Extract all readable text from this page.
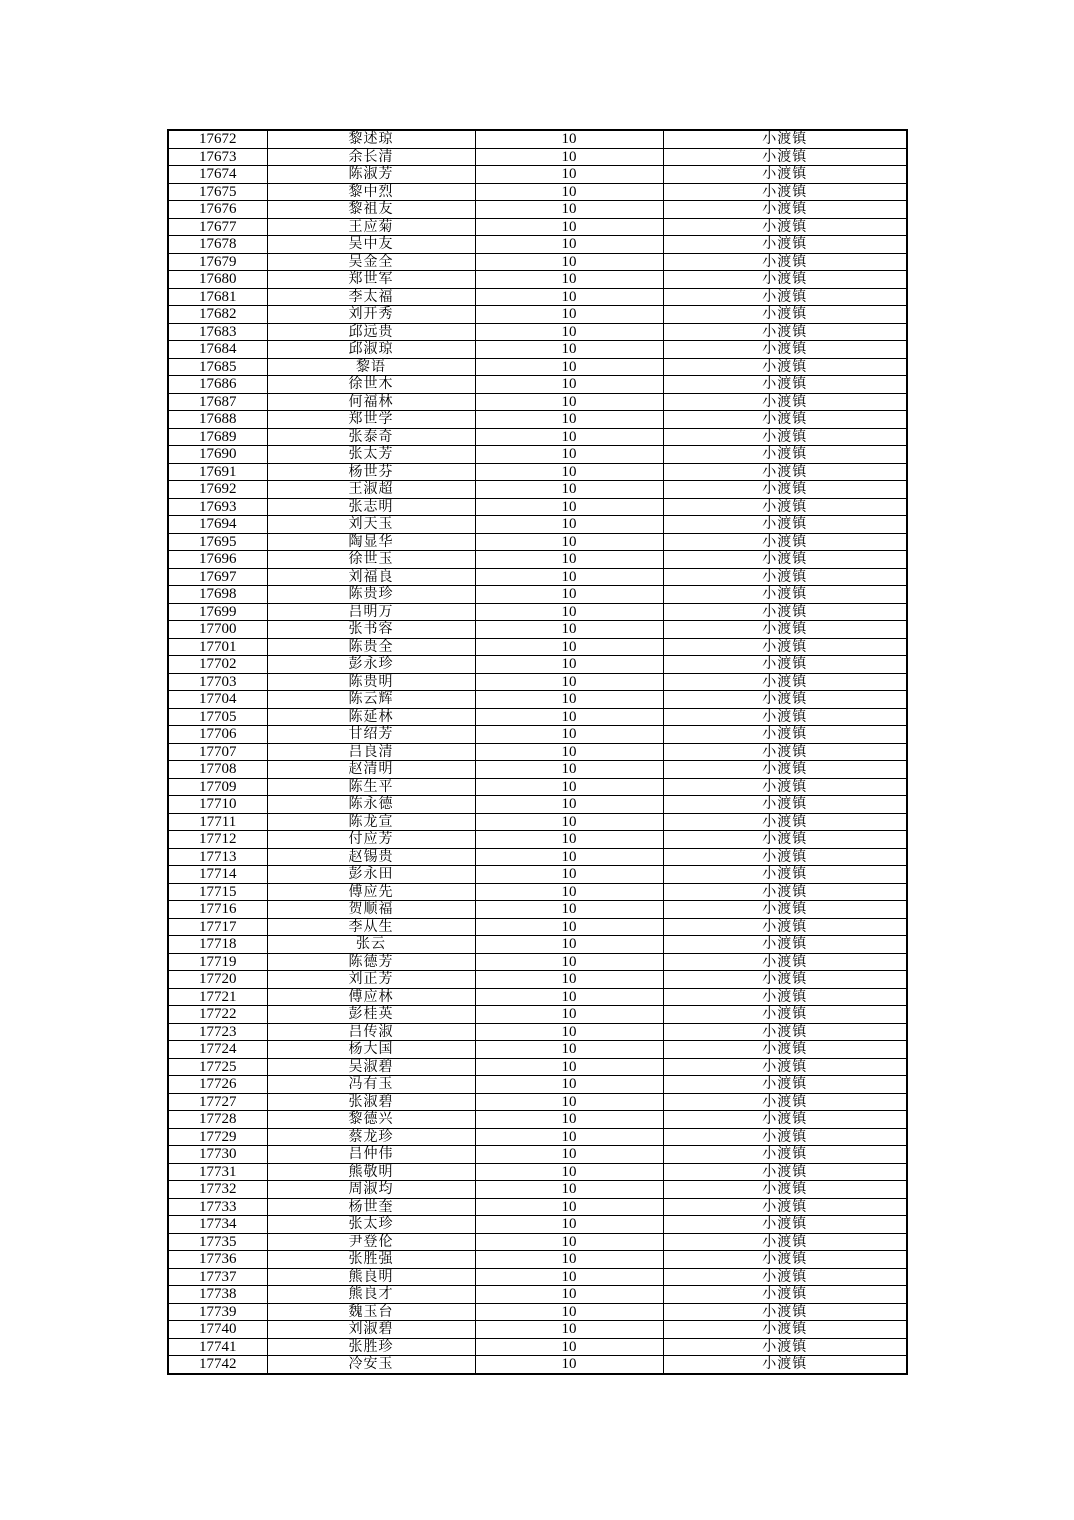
17672	黎述琼	10	小渡镇
17673	余长清	10	小渡镇
17674	陈淑芳	10	小渡镇
17675	黎中烈	10	小渡镇
17676	黎祖友	10	小渡镇
17677	王应菊	10	小渡镇
17678	吴中友	10	小渡镇
17679	吴金全	10	小渡镇
17680	郑世军	10	小渡镇
17681	李太福	10	小渡镇
17682	刘开秀	10	小渡镇
17683	邱远贵	10	小渡镇
17684	邱淑琼	10	小渡镇
17685	黎语	10	小渡镇
17686	徐世木	10	小渡镇
17687	何福林	10	小渡镇
17688	郑世学	10	小渡镇
17689	张泰奇	10	小渡镇
17690	张太芳	10	小渡镇
17691	杨世芬	10	小渡镇
17692	王淑超	10	小渡镇
17693	张志明	10	小渡镇
17694	刘天玉	10	小渡镇
17695	陶显华	10	小渡镇
17696	徐世玉	10	小渡镇
17697	刘福良	10	小渡镇
17698	陈贵珍	10	小渡镇
17699	吕明万	10	小渡镇
17700	张书容	10	小渡镇
17701	陈贵全	10	小渡镇
17702	彭永珍	10	小渡镇
17703	陈贵明	10	小渡镇
17704	陈云辉	10	小渡镇
17705	陈延林	10	小渡镇
17706	甘绍芳	10	小渡镇
17707	吕良清	10	小渡镇
17708	赵清明	10	小渡镇
17709	陈生平	10	小渡镇
17710	陈永德	10	小渡镇
17711	陈龙宣	10	小渡镇
17712	付应芳	10	小渡镇
17713	赵锡贵	10	小渡镇
17714	彭永田	10	小渡镇
17715	傅应先	10	小渡镇
17716	贺顺福	10	小渡镇
17717	李从生	10	小渡镇
17718	张云	10	小渡镇
17719	陈德芳	10	小渡镇
17720	刘正芳	10	小渡镇
17721	傅应林	10	小渡镇
17722	彭桂英	10	小渡镇
17723	吕传淑	10	小渡镇
17724	杨大国	10	小渡镇
17725	吴淑碧	10	小渡镇
17726	冯有玉	10	小渡镇
17727	张淑碧	10	小渡镇
17728	黎德兴	10	小渡镇
17729	蔡龙珍	10	小渡镇
17730	吕仲伟	10	小渡镇
17731	熊敬明	10	小渡镇
17732	周淑均	10	小渡镇
17733	杨世奎	10	小渡镇
17734	张太珍	10	小渡镇
17735	尹登伦	10	小渡镇
17736	张胜强	10	小渡镇
17737	熊良明	10	小渡镇
17738	熊良才	10	小渡镇
17739	魏玉台	10	小渡镇
17740	刘淑碧	10	小渡镇
17741	张胜珍	10	小渡镇
17742	冷安玉	10	小渡镇
